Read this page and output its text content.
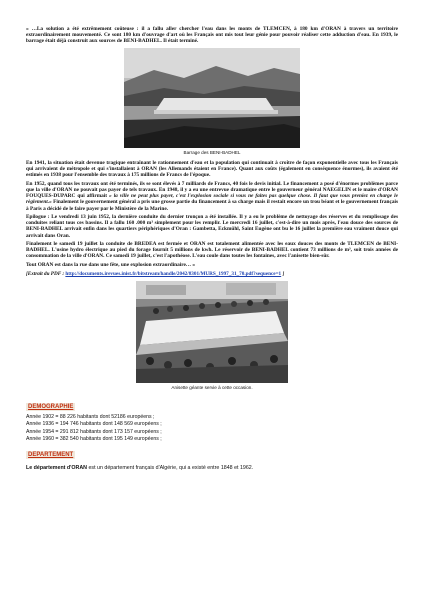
« …La solution a été extrêmement coûteuse : il a fallu aller chercher l'eau dans les monts de TLEMCEN, à 180 km d'ORAN à travers un territoire extraordinairement mouvementé. Ce sont 180 km d'ouvrage d'art où les Français ont mis tout leur génie pour pouvoir réaliser cette adduction d'eau. En 1939, le barrage était déjà construit aux sources de BENI-BADHEL. Il était terminé.

Barrage des BENI-BADHEL

En 1941, la situation était devenue tragique entraînant le rationnement d'eau et la population qui continuait à croître de façon exponentielle avec tous les Français qui arrivaient de métropole et qui s'installaient à ORAN (les Allemands étaient en France). Quant aux coûts (également en conséquence énormes), ils avaient été estimés en 1938 pour l'ensemble des travaux à 175 millions de Francs de l'époque.

En 1952, quand tous les travaux ont été terminés, ils se sont élevés à 7 milliards de Francs, 40 fois le devis initial. Le financement a posé d'énormes problèmes parce que la ville d'ORAN ne pouvait pas payer de tels travaux. En 1948, il y a eu une entrevue dramatique entre le gouverneur général NAEGELIN et le maire d'ORAN FOUQUES-DUPARC qui affirmait « la ville ne peut plus payer, c'est l'explosion sociale si vous ne faites pas quelque chose. Il faut que vous preniez en charge le règlement.» Finalement le gouvernement général a pris une grosse partie du financement à sa charge mais il restait encore un trou béant et le gouvernement français à Paris a décidé de le faire payer par le Ministère de la Marine.

Epilogue : Le vendredi 13 juin 1952, la dernière conduite du dernier tronçon a été installée. Il y a eu le problème de nettoyage des réserves et du remplissage des conduites reliant tous ces bassins. Il a fallu 160 .000 m³ simplement pour les remplir. Le mercredi 16 juillet, c'est-à-dire un mois après, l'eau douce des sources de BENI-BADHEL arrivait enfin dans les quartiers périphériques d'Oran : Gambetta, Eckmühl, Saint Eugène ont bu le 16 juillet la première eau vraiment douce qui arrivait dans Oran.

Finalement le samedi 19 juillet la conduite de BREDEA est fermée et ORAN est totalement alimentée avec les eaux douces des monts de TLEMCEN de BENI-BADHEL. L'usine hydro électrique au pied du forage fournit 5 millions de kwh. Le réservoir de BENI-BADHEL contient 73 millions de m³, soit trois années de consommation de la ville d'ORAN. Ce samedi 19 juillet, c'est l'apothéose. L'eau coule dans toutes les fontaines, avec l'anisette bien-sûr.

Tout ORAN est dans la rue dans une fête, une explosion extraordinaire… »

[Extrait du PDF : http://documents.irevues.inist.fr/bitstream/handle/2042/8301/MURS_1997_31_70.pdf?sequence=1 ]

Anisette géante servie à cette occasion.
DEMOGRAPHIE

Année 1902 = 88 226 habitants dont 52186 européens ;

Année 1936 = 194 746 habitants dont 148 569 européens ;

Année 1954 = 291 812 habitants dont 173 157 européens ;

Année 1960 = 382 540 habitants dont 195 149 européens ;

DEPARTEMENT

Le département d'ORAN est un département français d'Algérie, qui a existé entre 1848 et 1962.
